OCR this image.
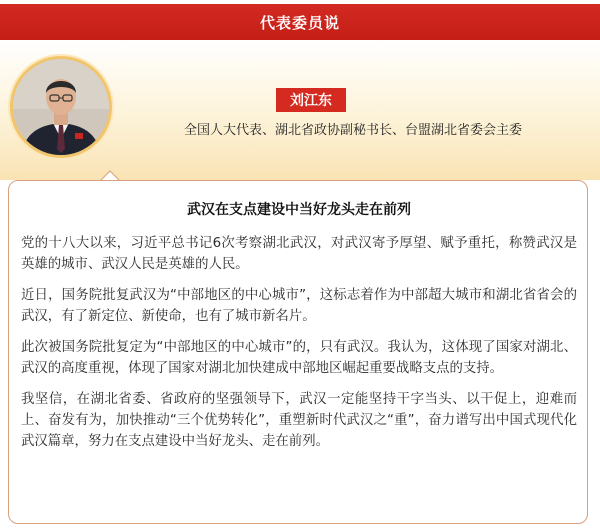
代表委员说
刘江东
全国人大代表、湖北省政协副秘书长、台盟湖北省委会主委
武汉在支点建设中当好龙头走在前列

党的十八大以来，习近平总书记6次考察湖北武汉，对武汉寄予厚望、赋予重托，称赞武汉是英雄的城市、武汉人民是英雄的人民。

近日，国务院批复武汉为“中部地区的中心城市”，这标志着作为中部超大城市和湖北省省会的武汉，有了新定位、新使命，也有了城市新名片。

此次被国务院批复定为“中部地区的中心城市”的，只有武汉。我认为，这体现了国家对湖北、武汉的高度重视，体现了国家对湖北加快建成中部地区崛起重要战略支点的支持。

我坚信，在湖北省委、省政府的坚强领导下，武汉一定能坚持干字当头、以干促上，迎难而上、奋发有为，加快推动“三个优势转化”，重塑新时代武汉之“重”，奋力谱写出中国式现代化武汉篇章，努力在支点建设中当好龙头、走在前列。
